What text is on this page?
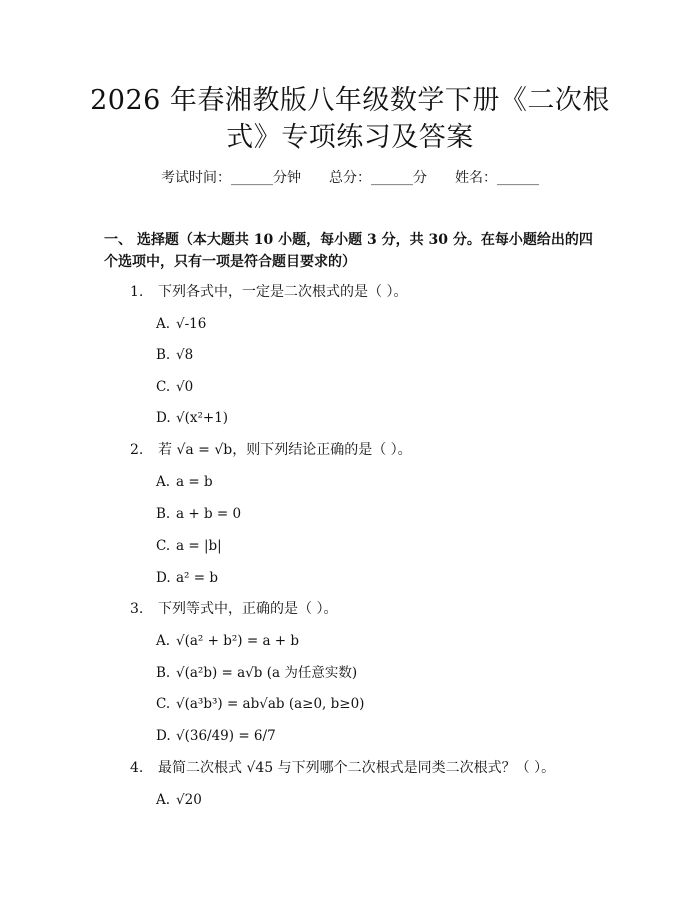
2026 年春湘教版八年级数学下册《二次根
式》专项练习及答案
考试时间：______分钟 总分：______分 姓名：______

一、 选择题（本大题共 10 小题，每小题 3 分，共 30 分。在每小题给出的四个选项中，只有一项是符合题目要求的）

1. 下列各式中，一定是二次根式的是（ ）。
A. √-16
B. √8
C. √0
D. √(x²+1)
2. 若 √a = √b，则下列结论正确的是（ ）。
A. a = b
B. a + b = 0
C. a = |b|
D. a² = b
3. 下列等式中，正确的是（ ）。
A. √(a² + b²) = a + b
B. √(a²b) = a√b (a 为任意实数)
C. √(a³b³) = ab√ab (a≥0, b≥0)
D. √(36/49) = 6/7
4. 最简二次根式 √45 与下列哪个二次根式是同类二次根式？（ ）。
A. √20
